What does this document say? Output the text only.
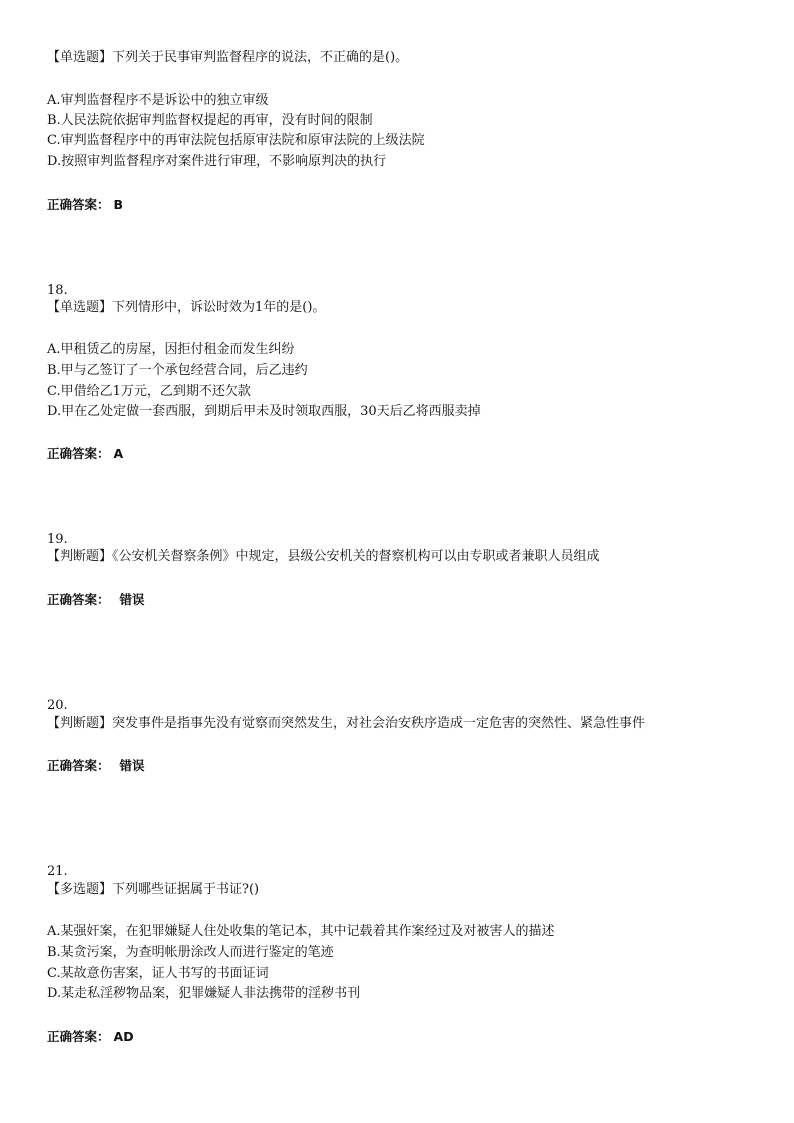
【单选题】下列关于民事审判监督程序的说法，不正确的是()。
A.审判监督程序不是诉讼中的独立审级
B.人民法院依据审判监督权提起的再审，没有时间的限制
C.审判监督程序中的再审法院包括原审法院和原审法院的上级法院
D.按照审判监督程序对案件进行审理，不影响原判决的执行
正确答案： B
18.
【单选题】下列情形中，诉讼时效为1年的是()。
A.甲租赁乙的房屋，因拒付租金而发生纠纷
B.甲与乙签订了一个承包经营合同，后乙违约
C.甲借给乙1万元，乙到期不还欠款
D.甲在乙处定做一套西服，到期后甲未及时领取西服，30天后乙将西服卖掉
正确答案： A
19.
【判断题】《公安机关督察条例》中规定，县级公安机关的督察机构可以由专职或者兼职人员组成
正确答案： 错误
20.
【判断题】突发事件是指事先没有觉察而突然发生，对社会治安秩序造成一定危害的突然性、紧急性事件
正确答案： 错误
21.
【多选题】下列哪些证据属于书证?()
A.某强奸案，在犯罪嫌疑人住处收集的笔记本，其中记载着其作案经过及对被害人的描述
B.某贪污案，为查明帐册涂改人而进行鉴定的笔迹
C.某故意伤害案，证人书写的书面证词
D.某走私淫秽物品案，犯罪嫌疑人非法携带的淫秽书刊
正确答案： AD
